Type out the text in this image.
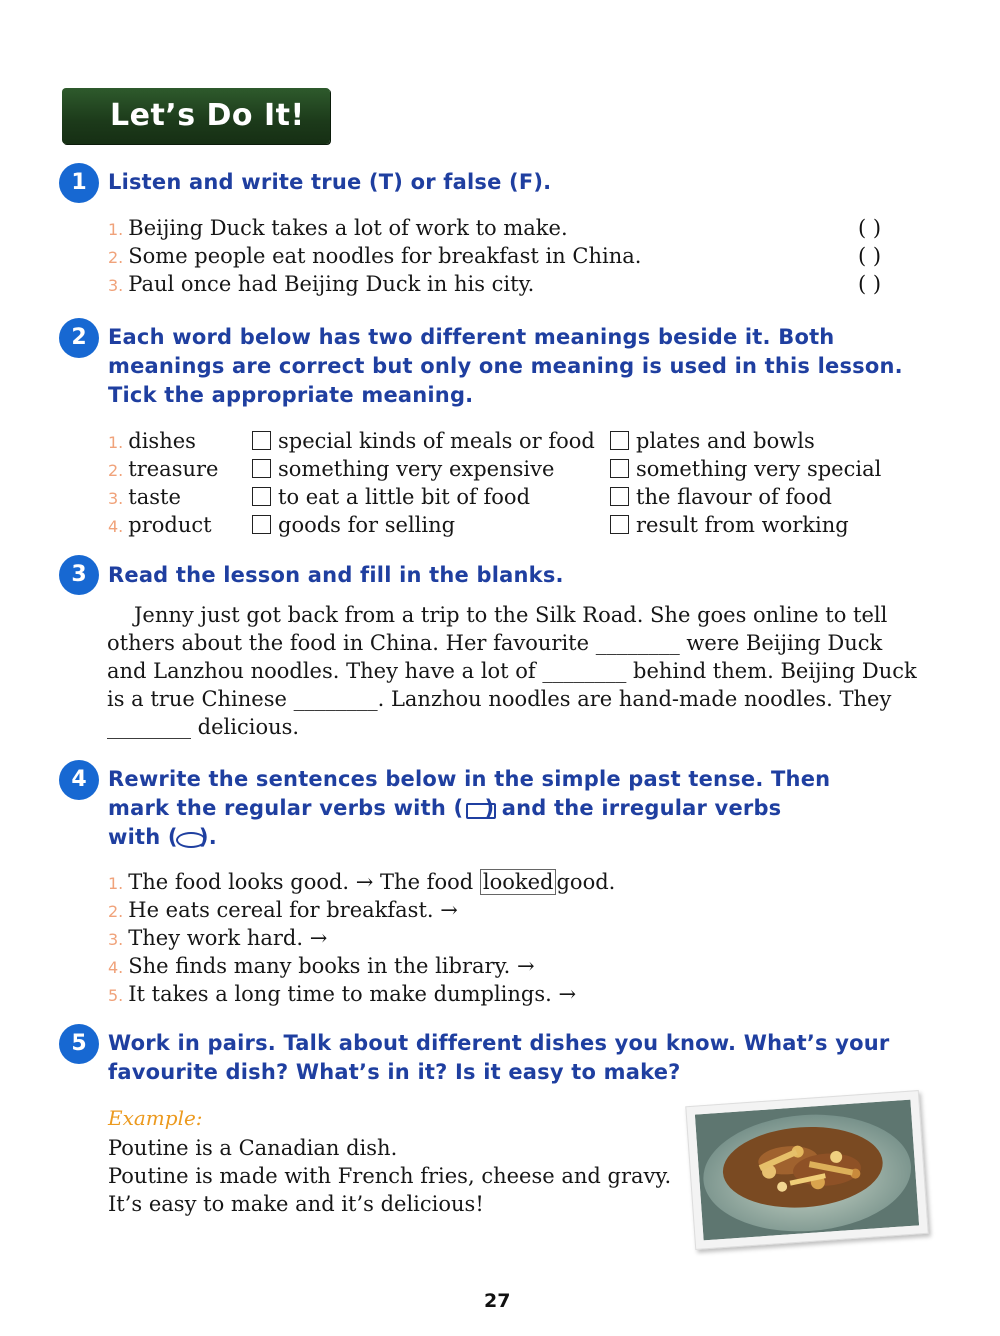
Let’s Do It!
1	Listen and write true (T) or false (F).
1. Beijing Duck takes a lot of work to make.	( )
2. Some people eat noodles for breakfast in China.	( )
3. Paul once had Beijing Duck in his city.	( )
2	Each word below has two different meanings beside it. Both
meanings are correct but only one meaning is used in this lesson.
Tick the appropriate meaning.
1. dishes	special kinds of meals or food	plates and bowls
2. treasure	something very expensive	something very special
3. taste	to eat a little bit of food	the flavour of food
4. product	goods for selling	result from working
3	Read the lesson and fill in the blanks.
Jenny just got back from a trip to the Silk Road. She goes online to tell
others about the food in China. Her favourite ________ were Beijing Duck
and Lanzhou noodles. They have a lot of ________ behind them. Beijing Duck
is a true Chinese ________. Lanzhou noodles are hand-made noodles. They
________ delicious.
4	Rewrite the sentences below in the simple past tense. Then
mark the regular verbs with ( ) and the irregular verbs
with ( ).
1. The food looks good. → The food looked good.
2. He eats cereal for breakfast. →
3. They work hard. →
4. She finds many books in the library. →
5. It takes a long time to make dumplings. →
5	Work in pairs. Talk about different dishes you know. What’s your
favourite dish? What’s in it? Is it easy to make?
Example:
Poutine is a Canadian dish.
Poutine is made with French fries, cheese and gravy.
It’s easy to make and it’s delicious!
27
